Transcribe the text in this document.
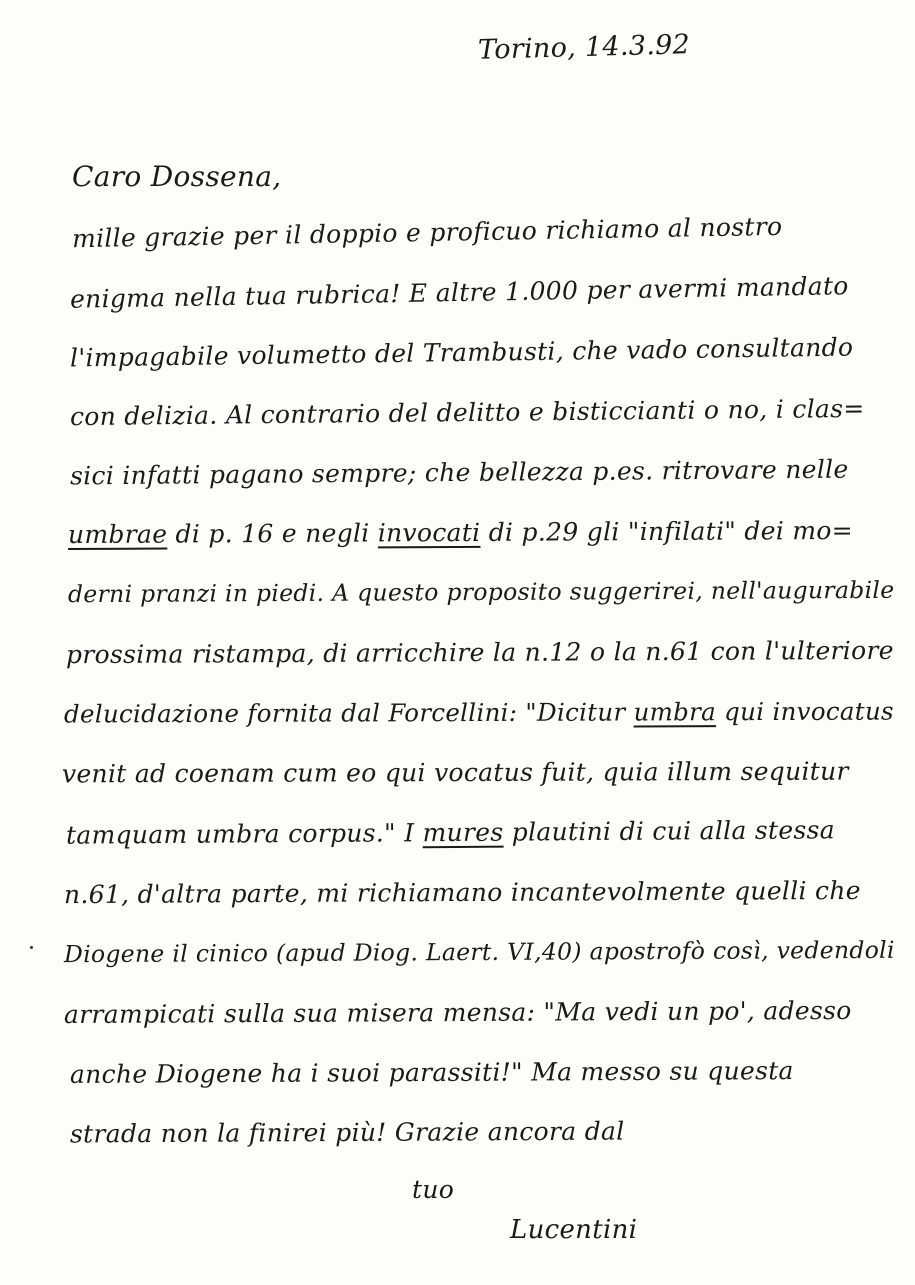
Torino, 14.3.92
Caro Dossena,
mille grazie per il doppio e proficuo richiamo al nostro
enigma nella tua rubrica! E altre 1.000 per avermi mandato
l'impagabile volumetto del Trambusti, che vado consultando
con delizia. Al contrario del delitto e bisticcianti o no, i clas=
sici infatti pagano sempre; che bellezza p.es. ritrovare nelle
umbrae di p. 16 e negli invocati di p.29 gli "infilati" dei mo=
derni pranzi in piedi. A questo proposito suggerirei, nell'augurabile
prossima ristampa, di arricchire la n.12 o la n.61 con l'ulteriore
delucidazione fornita dal Forcellini: "Dicitur umbra qui invocatus
venit ad coenam cum eo qui vocatus fuit, quia illum sequitur
tamquam umbra corpus." I mures plautini di cui alla stessa
n.61, d'altra parte, mi richiamano incantevolmente quelli che
Diogene il cinico (apud Diog. Laert. VI,40) apostrofò così, vedendoli
arrampicati sulla sua misera mensa: "Ma vedi un po', adesso
anche Diogene ha i suoi parassiti!" Ma messo su questa
strada non la finirei più! Grazie ancora dal
tuo
Lucentini
